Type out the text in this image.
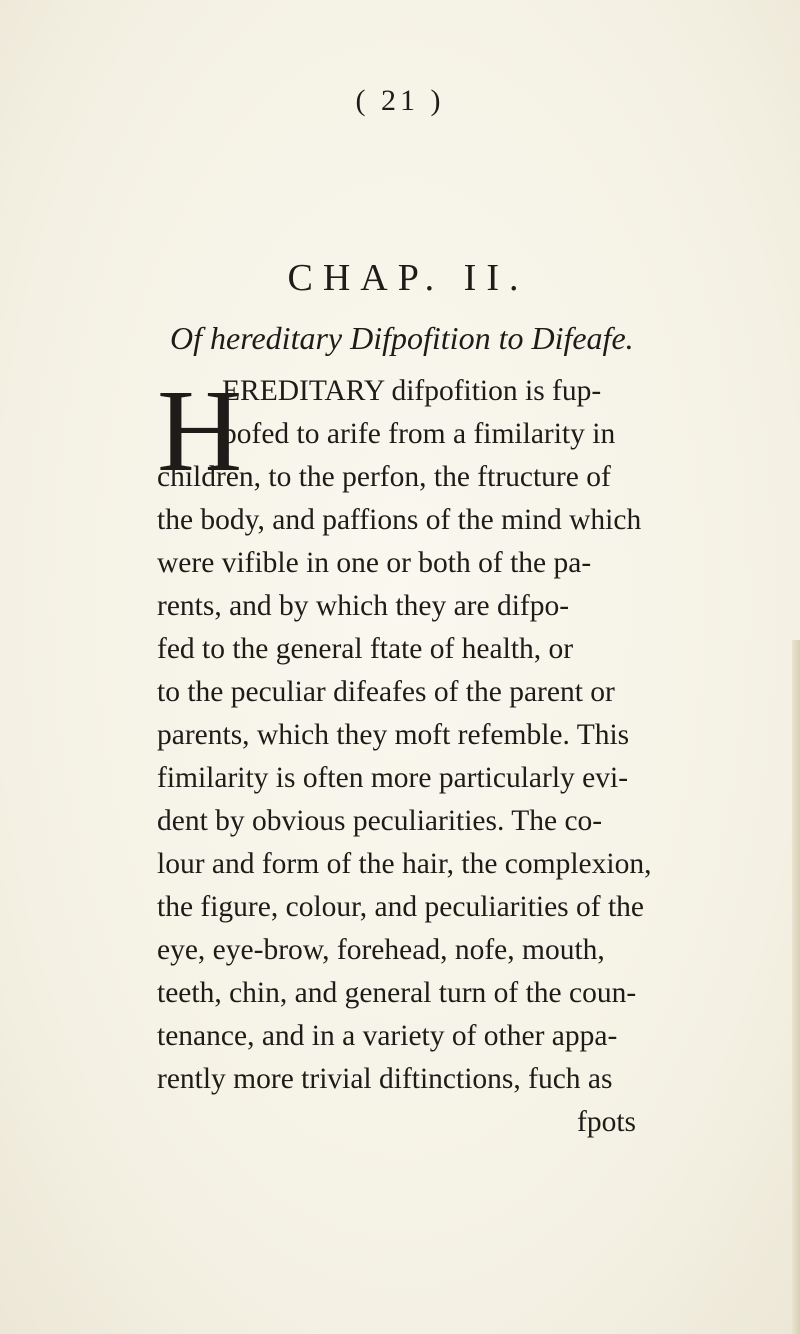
( 21 )
CHAP. II.
Of hereditary Difpofition to Difeafe.
H
EREDITARY difpofition is fup-
pofed to arife from a fimilarity in
children, to the perfon, the ftructure of
the body, and paffions of the mind which
were vifible in one or both of the pa-
rents, and by which they are difpo-
fed to the general ftate of health, or
to the peculiar difeafes of the parent or
parents, which they moft refemble. This
fimilarity is often more particularly evi-
dent by obvious peculiarities. The co-
lour and form of the hair, the complexion,
the figure, colour, and peculiarities of the
eye, eye-brow, forehead, nofe, mouth,
teeth, chin, and general turn of the coun-
tenance, and in a variety of other appa-
rently more trivial diftinctions, fuch as
fpots
